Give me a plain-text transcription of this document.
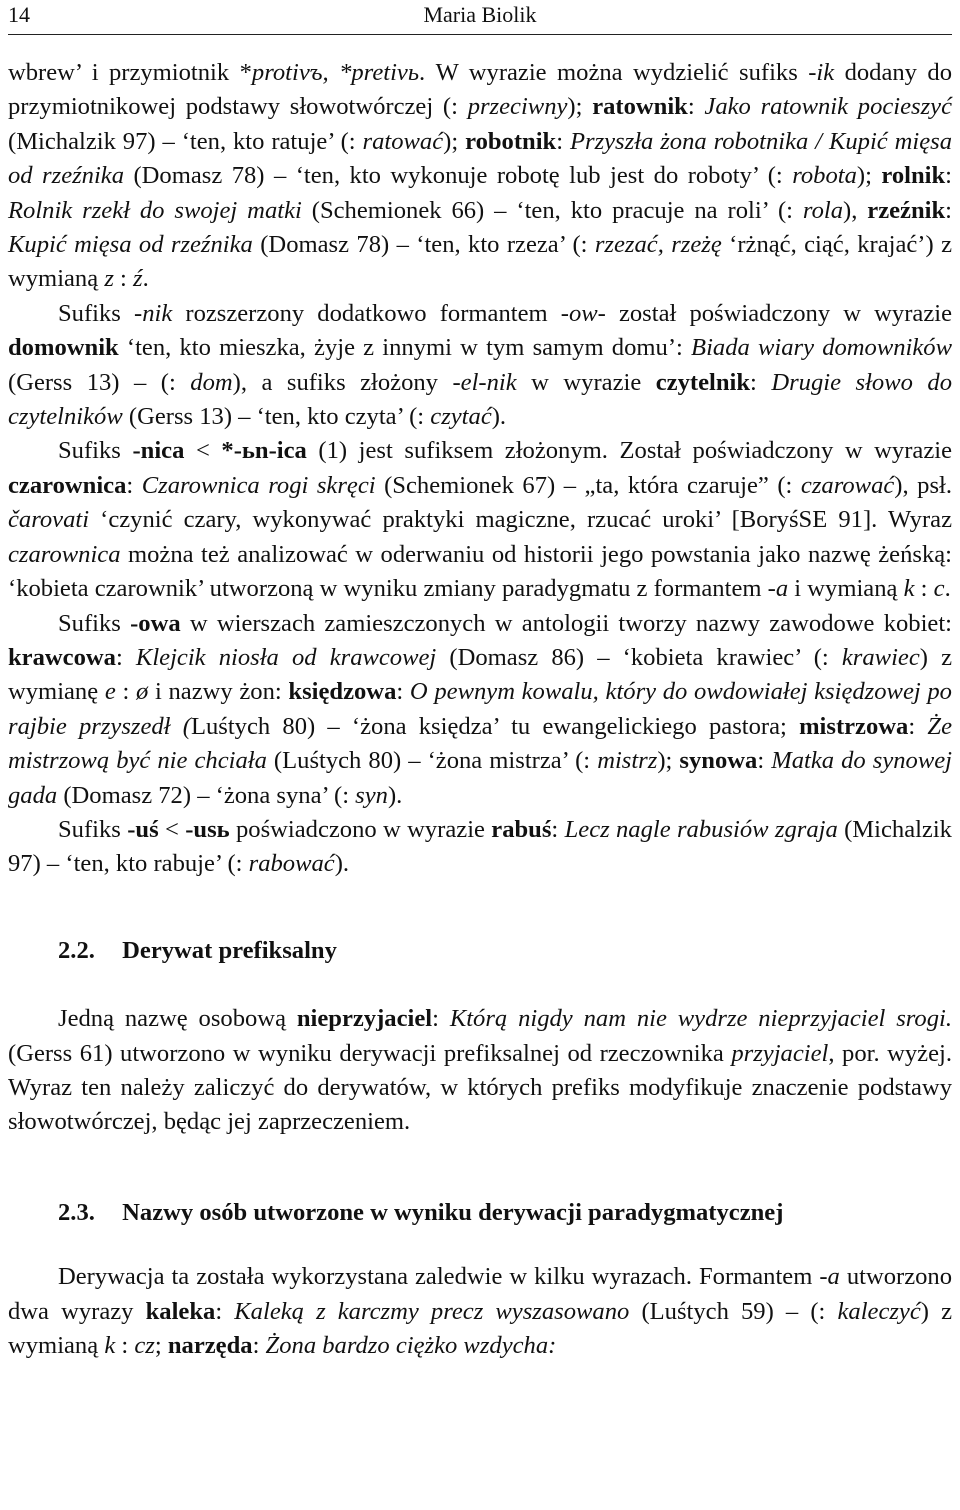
14	Maria Biolik

wbrew’ i przymiotnik *protivъ, *pretivь. W wyrazie można wydzielić sufiks -ik dodany do przymiotnikowej podstawy słowotwórczej (: przeciwny); ratownik: Jako ratownik pocieszyć (Michalzik 97) – ‘ten, kto ratuje’ (: ratować); robotnik: Przyszła żona robotnika / Kupić mięsa od rzeźnika (Domasz 78) – ‘ten, kto wykonuje robotę lub jest do roboty’ (: robota); rolnik: Rolnik rzekł do swojej matki (Schemionek 66) – ‘ten, kto pracuje na roli’ (: rola), rzeźnik: Kupić mięsa od rzeźnika (Domasz 78) – ‘ten, kto rzeza’ (: rzezać, rzeżę ‘rżnąć, ciąć, krajać’) z wymianą z : ź.

Sufiks -nik rozszerzony dodatkowo formantem -ow- został poświadczony w wyrazie domownik ‘ten, kto mieszka, żyje z innymi w tym samym domu’: Biada wiary domowników (Gerss 13) – (: dom), a sufiks złożony -el-nik w wyrazie czytelnik: Drugie słowo do czytelników (Gerss 13) – ‘ten, kto czyta’ (: czytać).

Sufiks -nica < *-ьn-ica (1) jest sufiksem złożonym. Został poświadczony w wyrazie czarownica: Czarownica rogi skręci (Schemionek 67) – „ta, która czaruje” (: czarować), psł. čarovati ‘czynić czary, wykonywać praktyki magiczne, rzucać uroki’ [BoryśSE 91]. Wyraz czarownica można też analizować w oderwaniu od historii jego powstania jako nazwę żeńską: ‘kobieta czarownik’ utworzoną w wyniku zmiany paradygmatu z formantem -a i wymianą k : c.

Sufiks -owa w wierszach zamieszczonych w antologii tworzy nazwy zawodowe kobiet: krawcowa: Klejcik niosła od krawcowej (Domasz 86) – ‘kobieta krawiec’ (: krawiec) z wymianę e : ø i nazwy żon: księdzowa: O pewnym kowalu, który do owdowiałej księdzowej po rajbie przyszedł (Luśtych 80) – ‘żona księdza’ tu ewangelickiego pastora; mistrzowa: Że mistrzową być nie chciała (Luśtych 80) – ‘żona mistrza’ (: mistrz); synowa: Matka do synowej gada (Domasz 72) – ‘żona syna’ (: syn).

Sufiks -uś < -usь poświadczono w wyrazie rabuś: Lecz nagle rabusiów zgraja (Michalzik 97) – ‘ten, kto rabuje’ (: rabować).

2.2. Derywat prefiksalny

Jedną nazwę osobową nieprzyjaciel: Którą nigdy nam nie wydrze nieprzyjaciel srogi. (Gerss 61) utworzono w wyniku derywacji prefiksalnej od rzeczownika przyjaciel, por. wyżej. Wyraz ten należy zaliczyć do derywatów, w których prefiks modyfikuje znaczenie podstawy słowotwórczej, będąc jej zaprzeczeniem.

2.3. Nazwy osób utworzone w wyniku derywacji paradygmatycznej

Derywacja ta została wykorzystana zaledwie w kilku wyrazach. Formantem -a utworzono dwa wyrazy kaleka: Kaleką z karczmy precz wyszasowano (Luśtych 59) – (: kaleczyć) z wymianą k : cz; narzęda: Żona bardzo ciężko wzdycha:
